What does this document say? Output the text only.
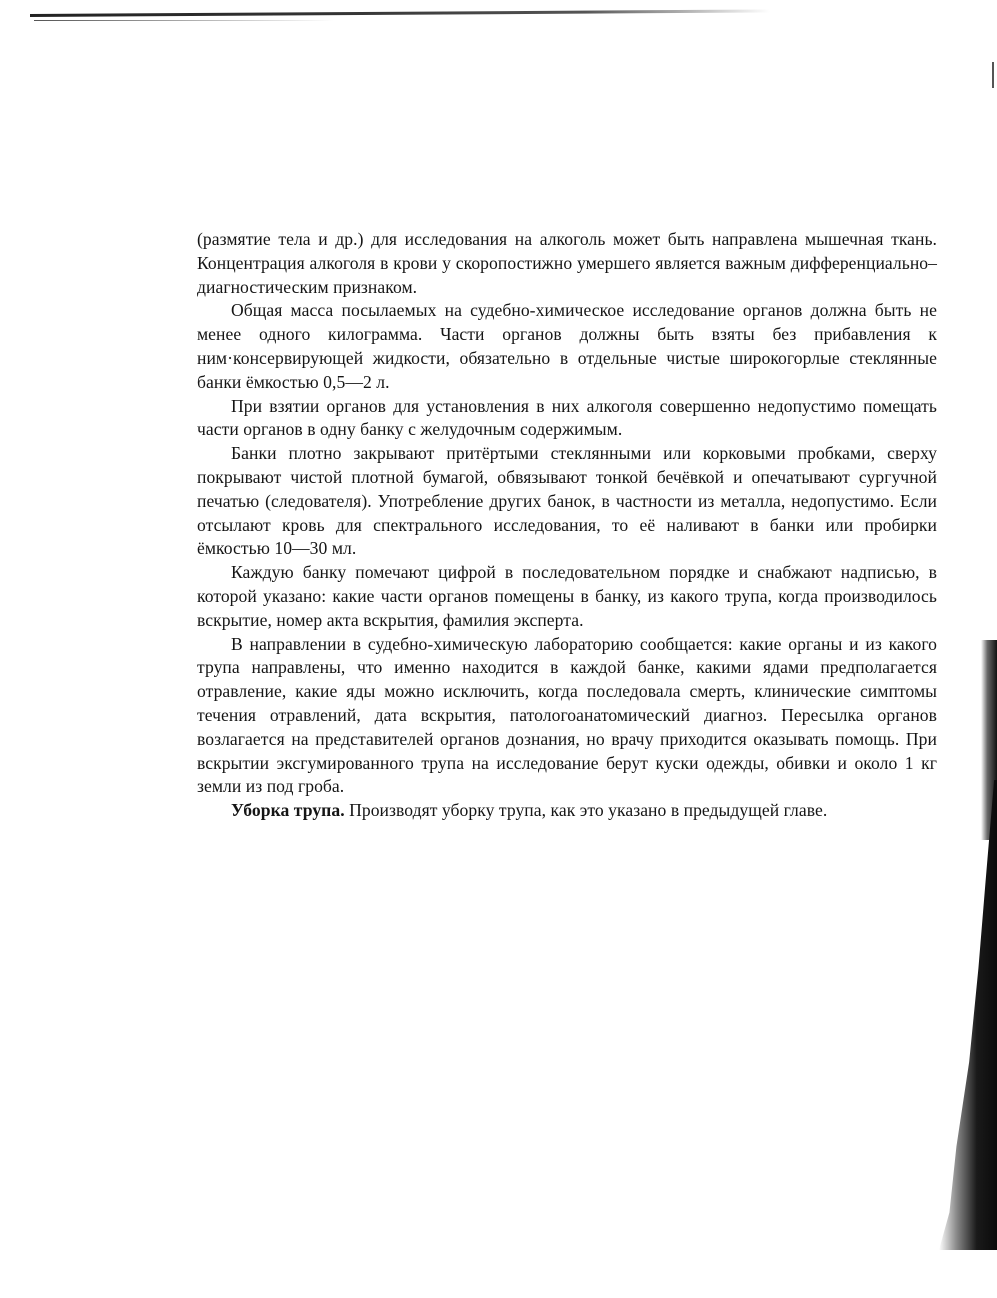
(размятие тела и др.) для исследования на алкоголь может быть направлена мышечная ткань. Концентрация алкоголя в крови у скоропостижно умершего является важным дифференциально–диагностическим признаком.

Общая масса посылаемых на судебно-химическое исследование органов должна быть не менее одного килограмма. Части органов должны быть взяты без прибавления к ним·консервирующей жидкости, обязательно в отдельные чистые широкогорлые стеклянные банки ёмкостью 0,5—2 л.

При взятии органов для установления в них алкоголя совершенно недопустимо помещать части органов в одну банку с желудочным содержимым.

Банки плотно закрывают притёртыми стеклянными или корковыми пробками, сверху покрывают чистой плотной бумагой, обвязывают тонкой бечёвкой и опечатывают сургучной печатью (следователя). Употребление других банок, в частности из металла, недопустимо. Если отсылают кровь для спектрального исследования, то её наливают в банки или пробирки ёмкостью 10—30 мл.

Каждую банку помечают цифрой в последовательном порядке и снабжают надписью, в которой указано: какие части органов помещены в банку, из какого трупа, когда производилось вскрытие, номер акта вскрытия, фамилия эксперта.

В направлении в судебно-химическую лабораторию сообщается: какие органы и из какого трупа направлены, что именно находится в каждой банке, какими ядами предполагается отравление, какие яды можно исключить, когда последовала смерть, клинические симптомы течения отравлений, дата вскрытия, патологоанатомический диагноз. Пересылка органов возлагается на представителей органов дознания, но врачу приходится оказывать помощь. При вскрытии эксгумированного трупа на исследование берут куски одежды, обивки и около 1 кг земли из под гроба.

Уборка трупа. Производят уборку трупа, как это указано в предыдущей главе.
